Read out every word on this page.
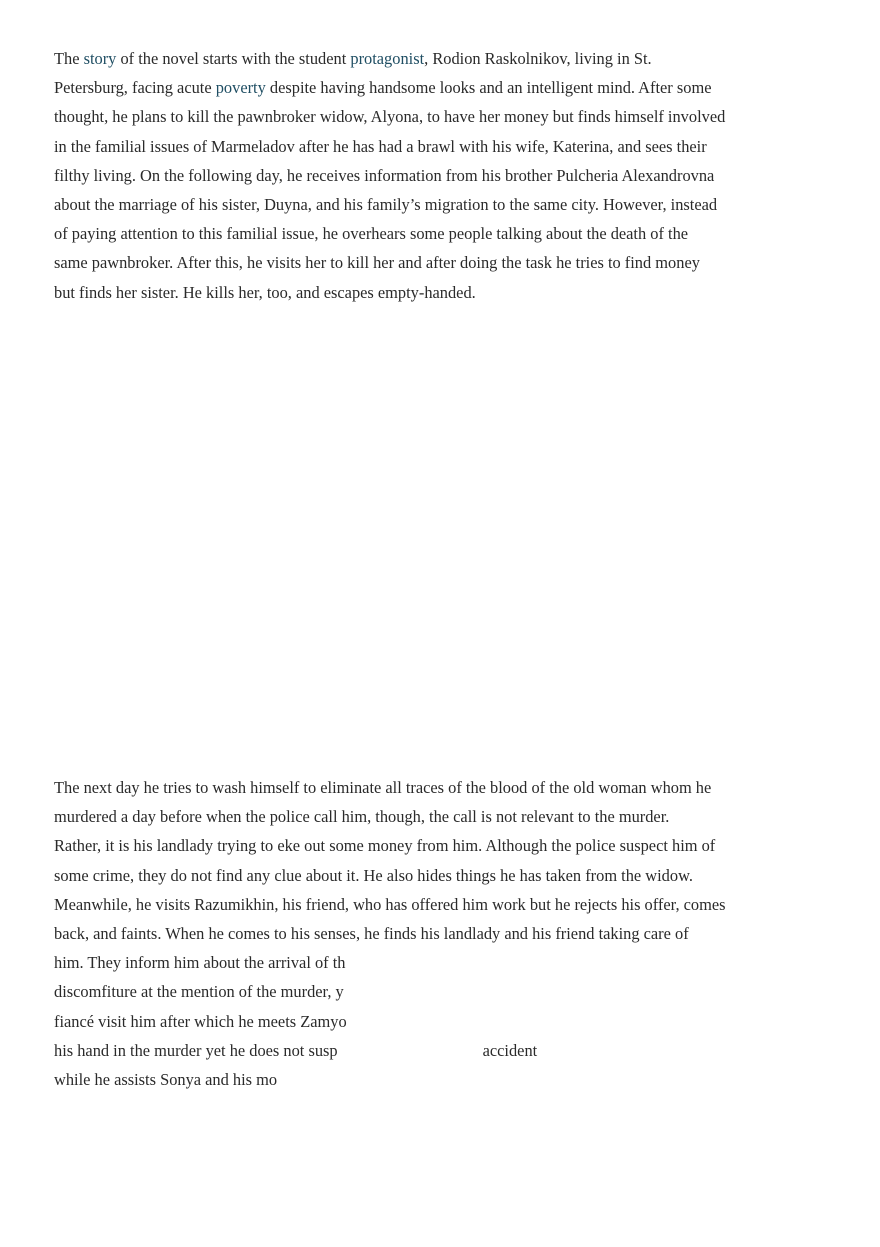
The story of the novel starts with the student protagonist, Rodion Raskolnikov, living in St.
Petersburg, facing acute poverty despite having handsome looks and an intelligent mind. After some
thought, he plans to kill the pawnbroker widow, Alyona, to have her money but finds himself involved
in the familial issues of Marmeladov after he has had a brawl with his wife, Katerina, and sees their
filthy living. On the following day, he receives information from his brother Pulcheria Alexandrovna
about the marriage of his sister, Duyna, and his family’s migration to the same city. However, instead
of paying attention to this familial issue, he overhears some people talking about the death of the
same pawnbroker. After this, he visits her to kill her and after doing the task he tries to find money
but finds her sister. He kills her, too, and escapes empty-handed.

The next day he tries to wash himself to eliminate all traces of the blood of the old woman whom he
murdered a day before when the police call him, though, the call is not relevant to the murder.
Rather, it is his landlady trying to eke out some money from him. Although the police suspect him of
some crime, they do not find any clue about it. He also hides things he has taken from the widow.
Meanwhile, he visits Razumikhin, his friend, who has offered him work but he rejects his offer, comes
back, and faints. When he comes to his senses, he finds his landlady and his friend taking care of
him. They inform him about the arrival of th
discomfiture at the mention of the murder, y
fiancé visit him after which he meets Zamyo
his hand in the murder yet he does not susp	accident
while he assists Sonya and his mo
